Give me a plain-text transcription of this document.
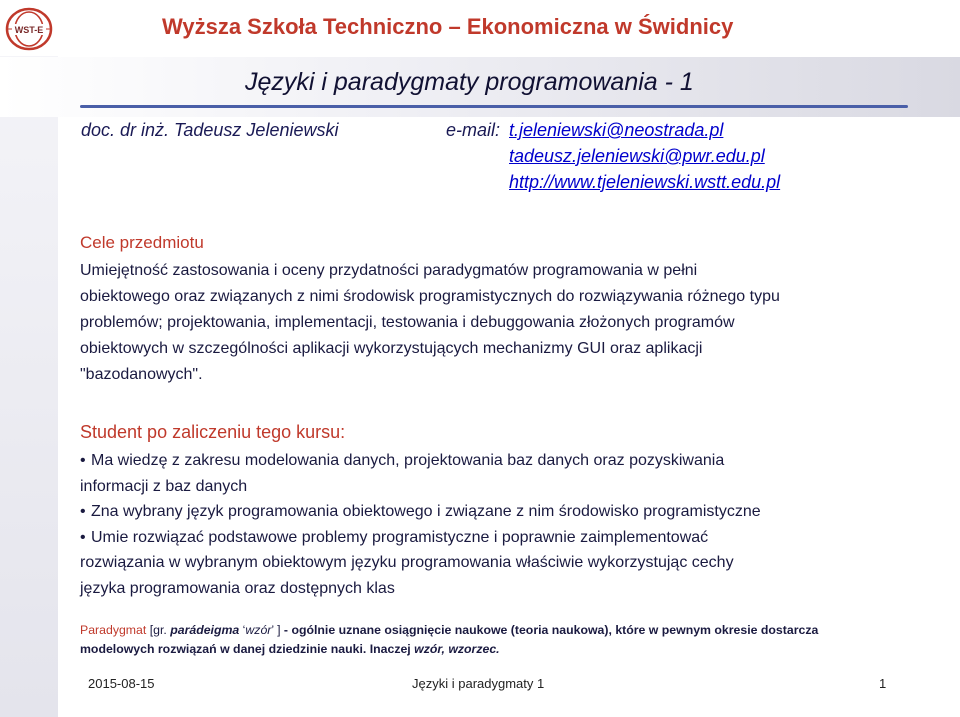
WST-E	Wyższa Szkoła Techniczno – Ekonomiczna w Świdnicy
Języki i paradygmaty programowania - 1
doc. dr inż. Tadeusz Jeleniewski	e-mail: t.jeleniewski@neostrada.pl
tadeusz.jeleniewski@pwr.edu.pl
http://www.tjeleniewski.wstt.edu.pl
Cele przedmiotu
Umiejętność zastosowania i oceny przydatności paradygmatów programowania w pełni
obiektowego oraz związanych z nimi środowisk programistycznych do rozwiązywania różnego typu
problemów; projektowania, implementacji, testowania i debuggowania złożonych programów
obiektowych w szczególności aplikacji wykorzystujących mechanizmy GUI oraz aplikacji
"bazodanowych".
Student po zaliczeniu tego kursu:
• Ma wiedzę z zakresu modelowania danych, projektowania baz danych oraz pozyskiwania
informacji z baz danych
• Zna wybrany język programowania obiektowego i związane z nim środowisko programistyczne
• Umie rozwiązać podstawowe problemy programistyczne i poprawnie zaimplementować
rozwiązania w wybranym obiektowym języku programowania właściwie wykorzystując cechy
języka programowania oraz dostępnych klas
Paradygmat [gr. parádeigma ‘wzór’ ] - ogólnie uznane osiągnięcie naukowe (teoria naukowa), które w pewnym okresie dostarcza
modelowych rozwiązań w danej dziedzinie nauki. Inaczej wzór, wzorzec.
2015-08-15	Języki i paradygmaty 1	1
